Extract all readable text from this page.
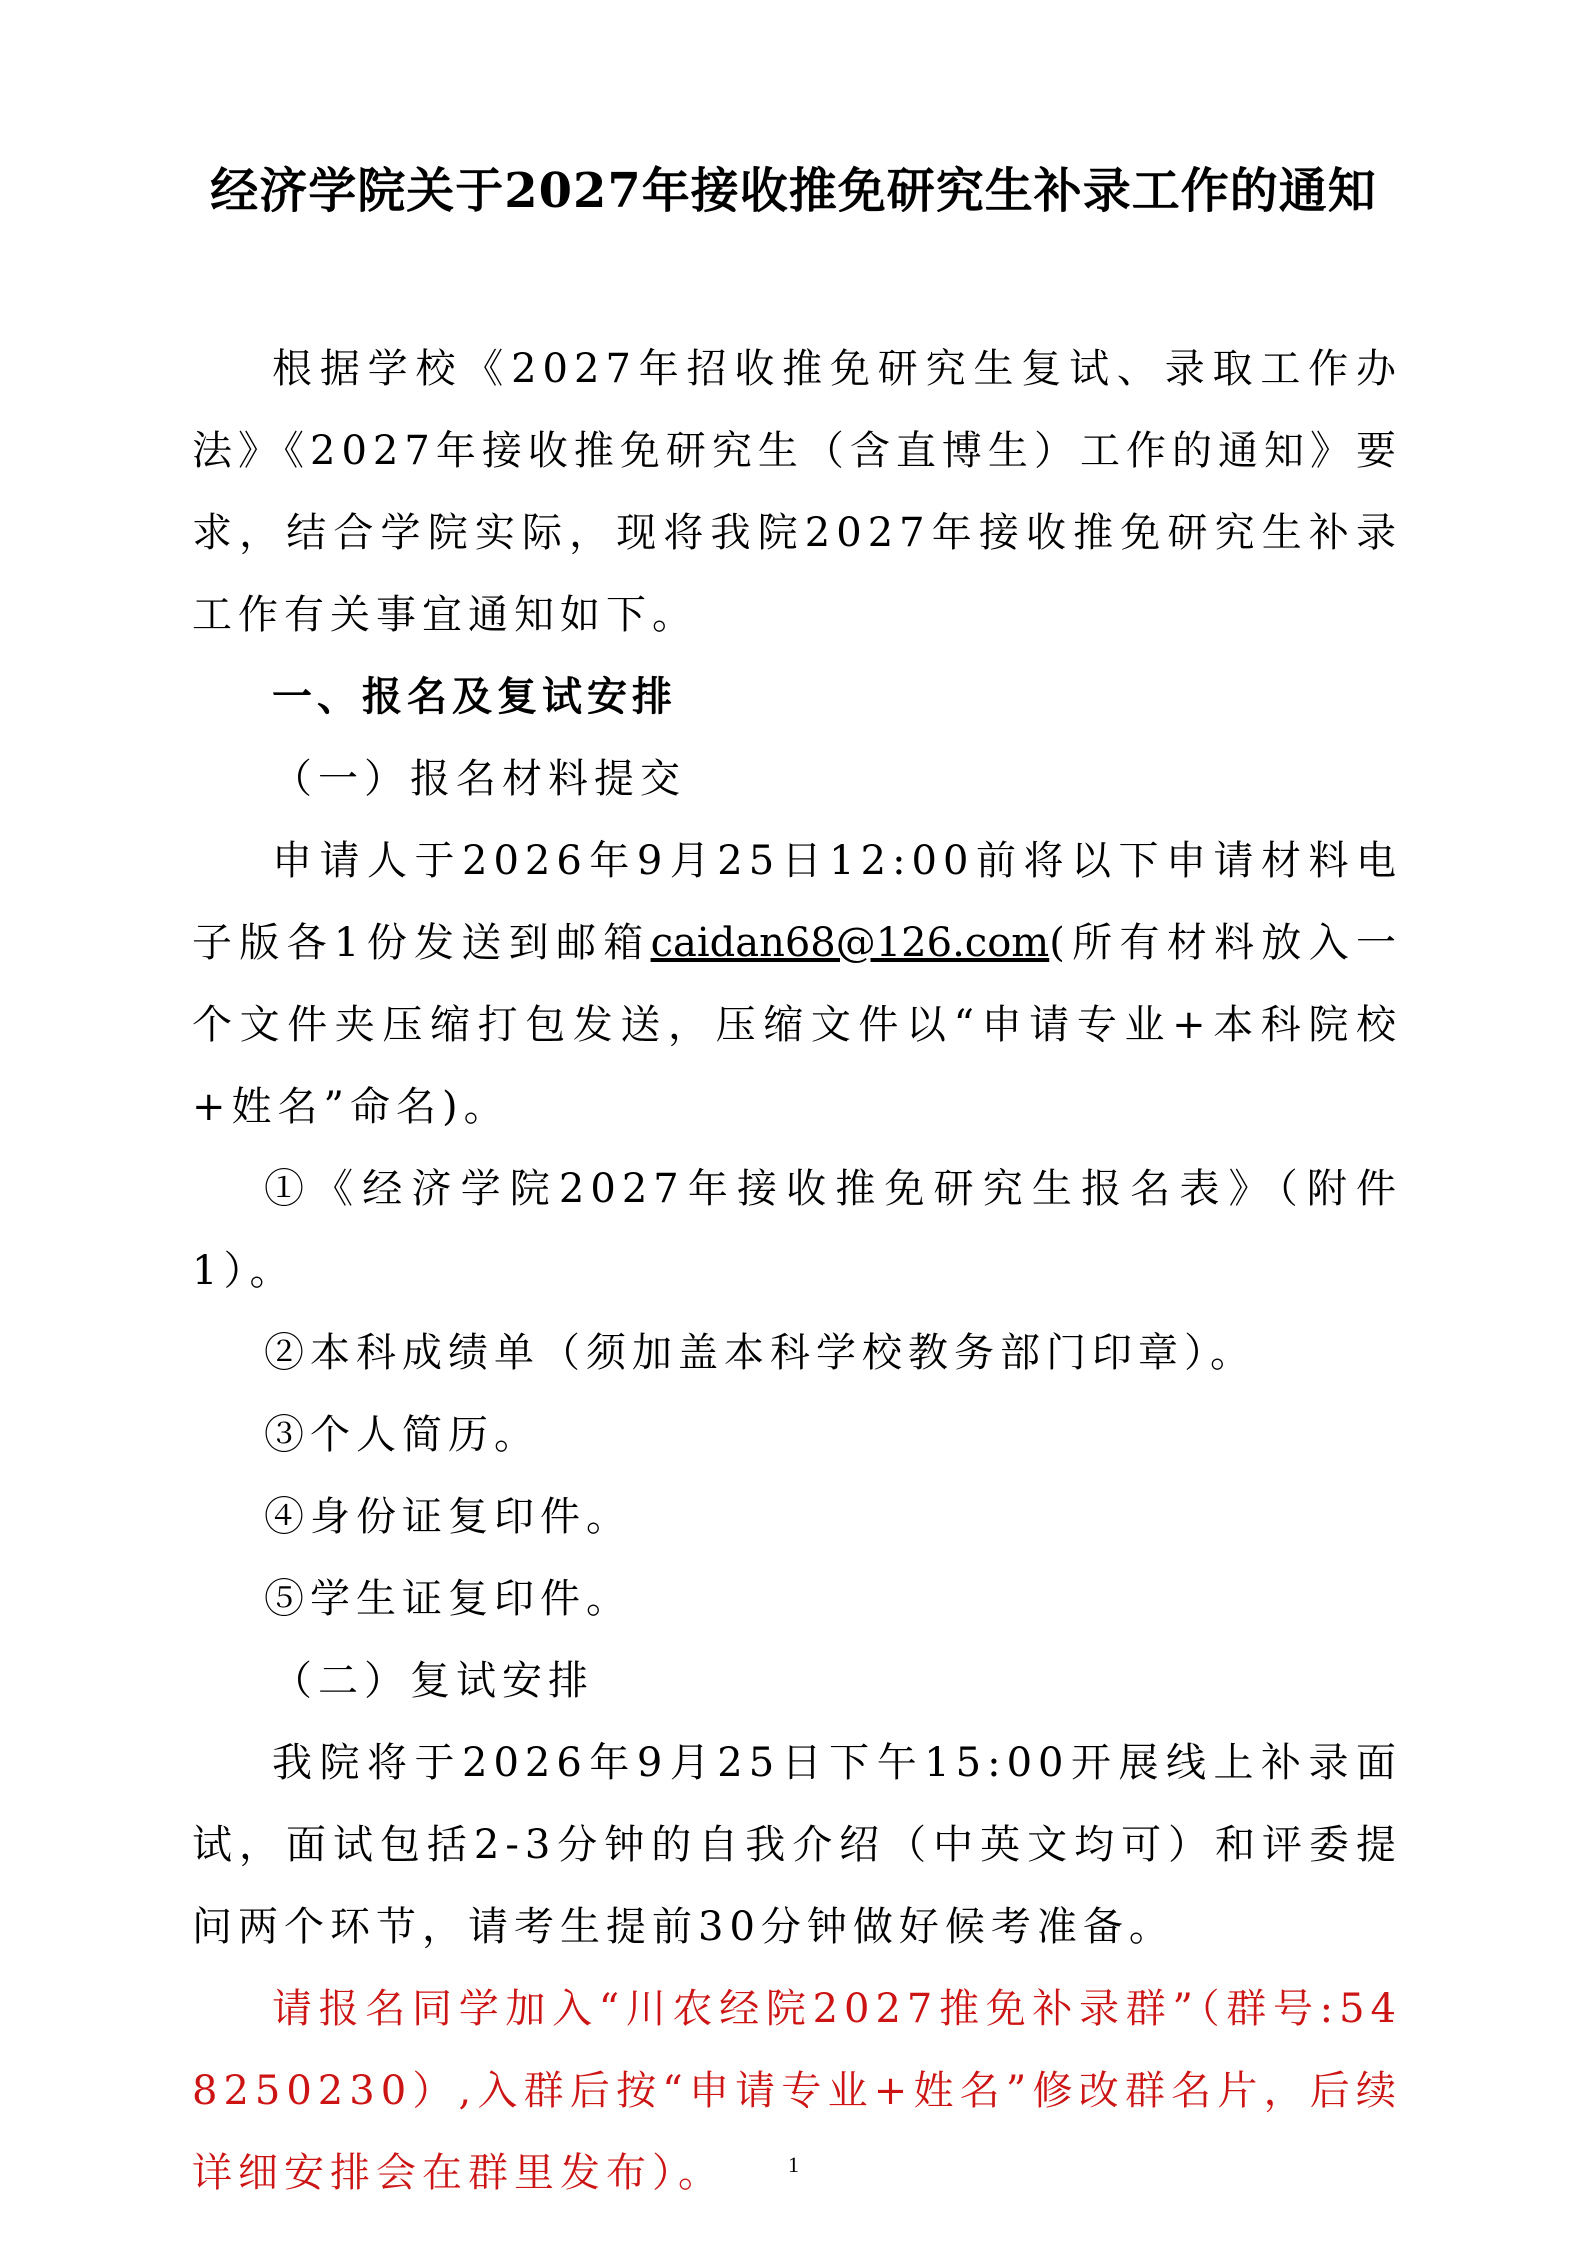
经济学院关于2027年接收推免研究生补录工作的通知

根据学校《2027年招收推免研究生复试、录取工作办法》《2027年接收推免研究生（含直博生）工作的通知》要求，结合学院实际，现将我院2027年接收推免研究生补录工作有关事宜通知如下。

一、报名及复试安排

（一）报名材料提交

申请人于2026年9月25日12:00前将以下申请材料电子版各1份发送到邮箱caidan68@126.com(所有材料放入一个文件夹压缩打包发送，压缩文件以“申请专业+本科院校+姓名”命名)。

①《经济学院2027年接收推免研究生报名表》（附件1）。

②本科成绩单（须加盖本科学校教务部门印章）。

③个人简历。

④身份证复印件。

⑤学生证复印件。

（二）复试安排

我院将于2026年9月25日下午15:00开展线上补录面试，面试包括2-3分钟的自我介绍（中英文均可）和评委提问两个环节，请考生提前30分钟做好候考准备。

请报名同学加入“川农经院2027推免补录群”（群号:548250230）,入群后按“申请专业+姓名”修改群名片，后续详细安排会在群里发布）。	1
